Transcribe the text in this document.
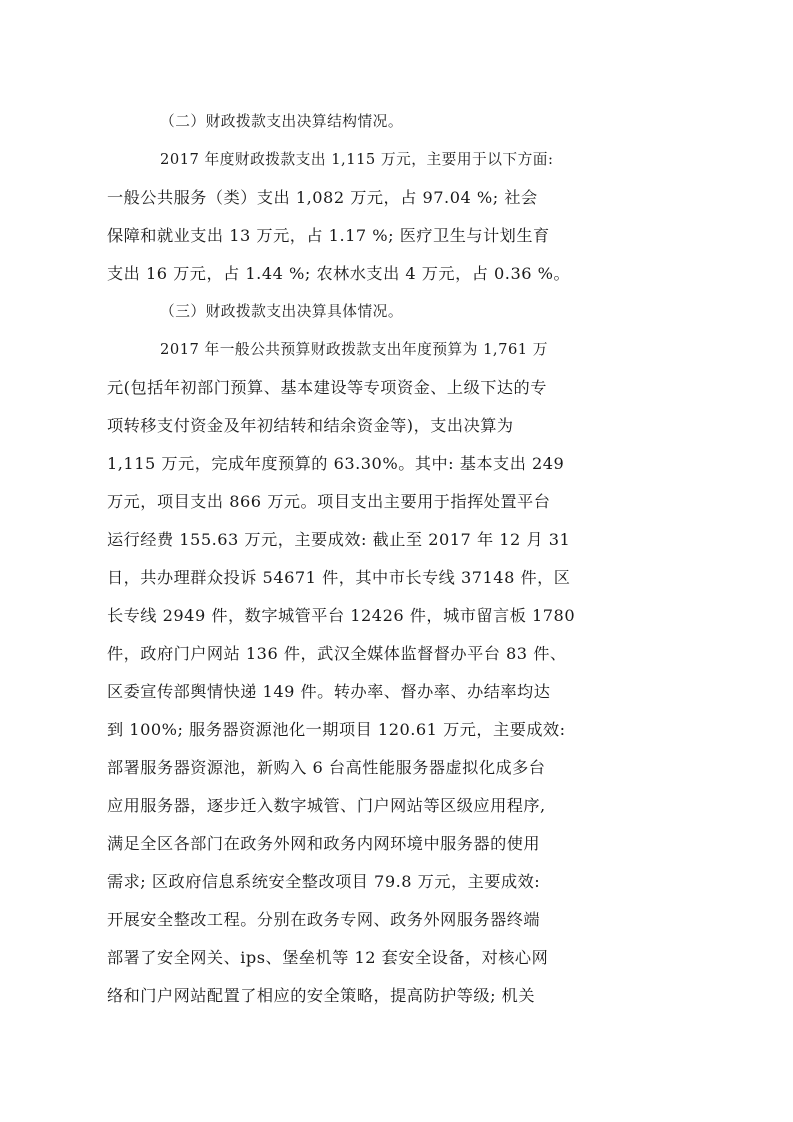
（二）财政拨款支出决算结构情况。

2017 年度财政拨款支出 1,115 万元，主要用于以下方面:

一般公共服务（类）支出 1,082 万元，占 97.04 %; 社会

保障和就业支出 13 万元，占 1.17 %; 医疗卫生与计划生育

支出 16 万元，占 1.44 %; 农林水支出 4 万元，占 0.36 %。

（三）财政拨款支出决算具体情况。

2017 年一般公共预算财政拨款支出年度预算为 1,761 万

元(包括年初部门预算、基本建设等专项资金、上级下达的专

项转移支付资金及年初结转和结余资金等)，支出决算为

1,115 万元，完成年度预算的 63.30%。其中: 基本支出 249

万元，项目支出 866 万元。项目支出主要用于指挥处置平台

运行经费 155.63 万元，主要成效: 截止至 2017 年 12 月 31

日，共办理群众投诉 54671 件，其中市长专线 37148 件，区

长专线 2949 件，数字城管平台 12426 件，城市留言板 1780

件，政府门户网站 136 件，武汉全媒体监督督办平台 83 件、

区委宣传部舆情快递 149 件。转办率、督办率、办结率均达

到 100%; 服务器资源池化一期项目 120.61 万元，主要成效:

部署服务器资源池，新购入 6 台高性能服务器虚拟化成多台

应用服务器，逐步迁入数字城管、门户网站等区级应用程序,

满足全区各部门在政务外网和政务内网环境中服务器的使用

需求; 区政府信息系统安全整改项目 79.8 万元，主要成效:

开展安全整改工程。分别在政务专网、政务外网服务器终端

部署了安全网关、ips、堡垒机等 12 套安全设备，对核心网

络和门户网站配置了相应的安全策略，提高防护等级; 机关
